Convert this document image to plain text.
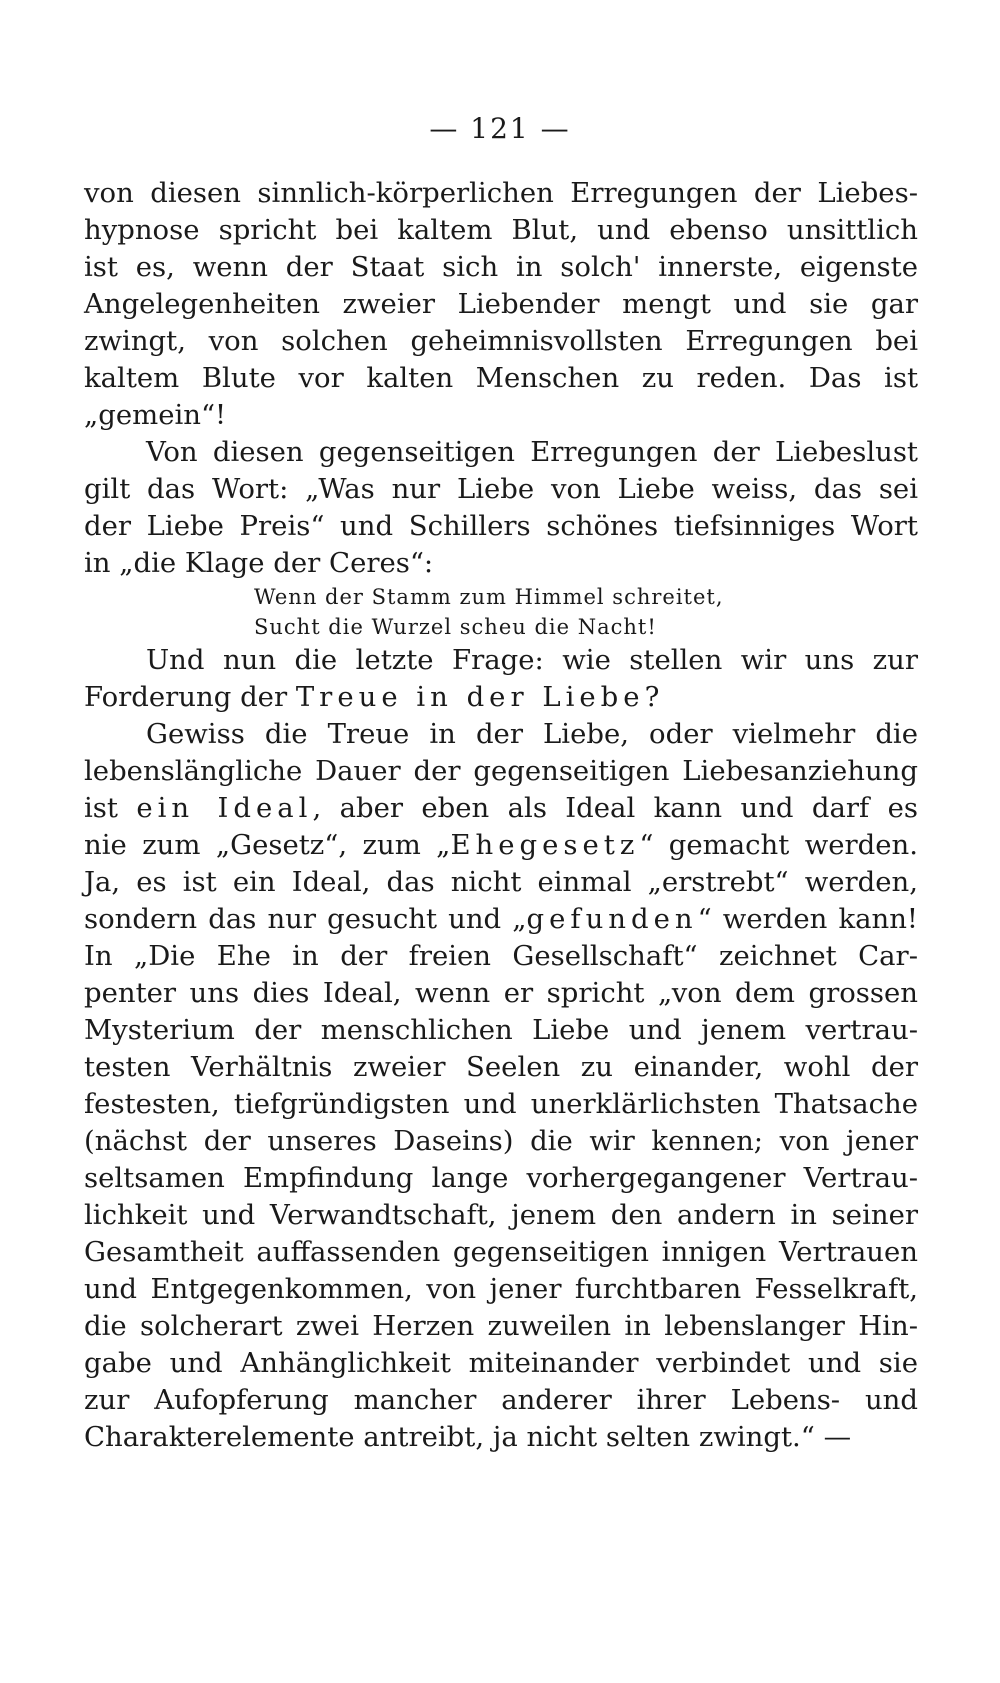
— 121 —
von diesen sinnlich-körperlichen Erregungen der Liebes-
hypnose spricht bei kaltem Blut, und ebenso unsittlich
ist es, wenn der Staat sich in solch' innerste, eigenste
Angelegenheiten zweier Liebender mengt und sie gar
zwingt, von solchen geheimnisvollsten Erregungen bei
kaltem Blute vor kalten Menschen zu reden. Das ist
„gemein“!
Von diesen gegenseitigen Erregungen der Liebeslust
gilt das Wort: „Was nur Liebe von Liebe weiss, das sei
der Liebe Preis“ und Schillers schönes tiefsinniges Wort
in „die Klage der Ceres“:
Wenn der Stamm zum Himmel schreitet,
Sucht die Wurzel scheu die Nacht!
Und nun die letzte Frage: wie stellen wir uns zur
Forderung der Treue in der Liebe?
Gewiss die Treue in der Liebe, oder vielmehr die
lebenslängliche Dauer der gegenseitigen Liebesanziehung
ist ein Ideal, aber eben als Ideal kann und darf es
nie zum „Gesetz“, zum „Ehegesetz“ gemacht werden.
Ja, es ist ein Ideal, das nicht einmal „erstrebt“ werden,
sondern das nur gesucht und „gefunden“ werden kann!
In „Die Ehe in der freien Gesellschaft“ zeichnet Car-
penter uns dies Ideal, wenn er spricht „von dem grossen
Mysterium der menschlichen Liebe und jenem vertrau-
testen Verhältnis zweier Seelen zu einander, wohl der
festesten, tiefgründigsten und unerklärlichsten Thatsache
(nächst der unseres Daseins) die wir kennen; von jener
seltsamen Empfindung lange vorhergegangener Vertrau-
lichkeit und Verwandtschaft, jenem den andern in seiner
Gesamtheit auffassenden gegenseitigen innigen Vertrauen
und Entgegenkommen, von jener furchtbaren Fesselkraft,
die solcherart zwei Herzen zuweilen in lebenslanger Hin-
gabe und Anhänglichkeit miteinander verbindet und sie
zur Aufopferung mancher anderer ihrer Lebens- und
Charakterelemente antreibt, ja nicht selten zwingt.“ —
